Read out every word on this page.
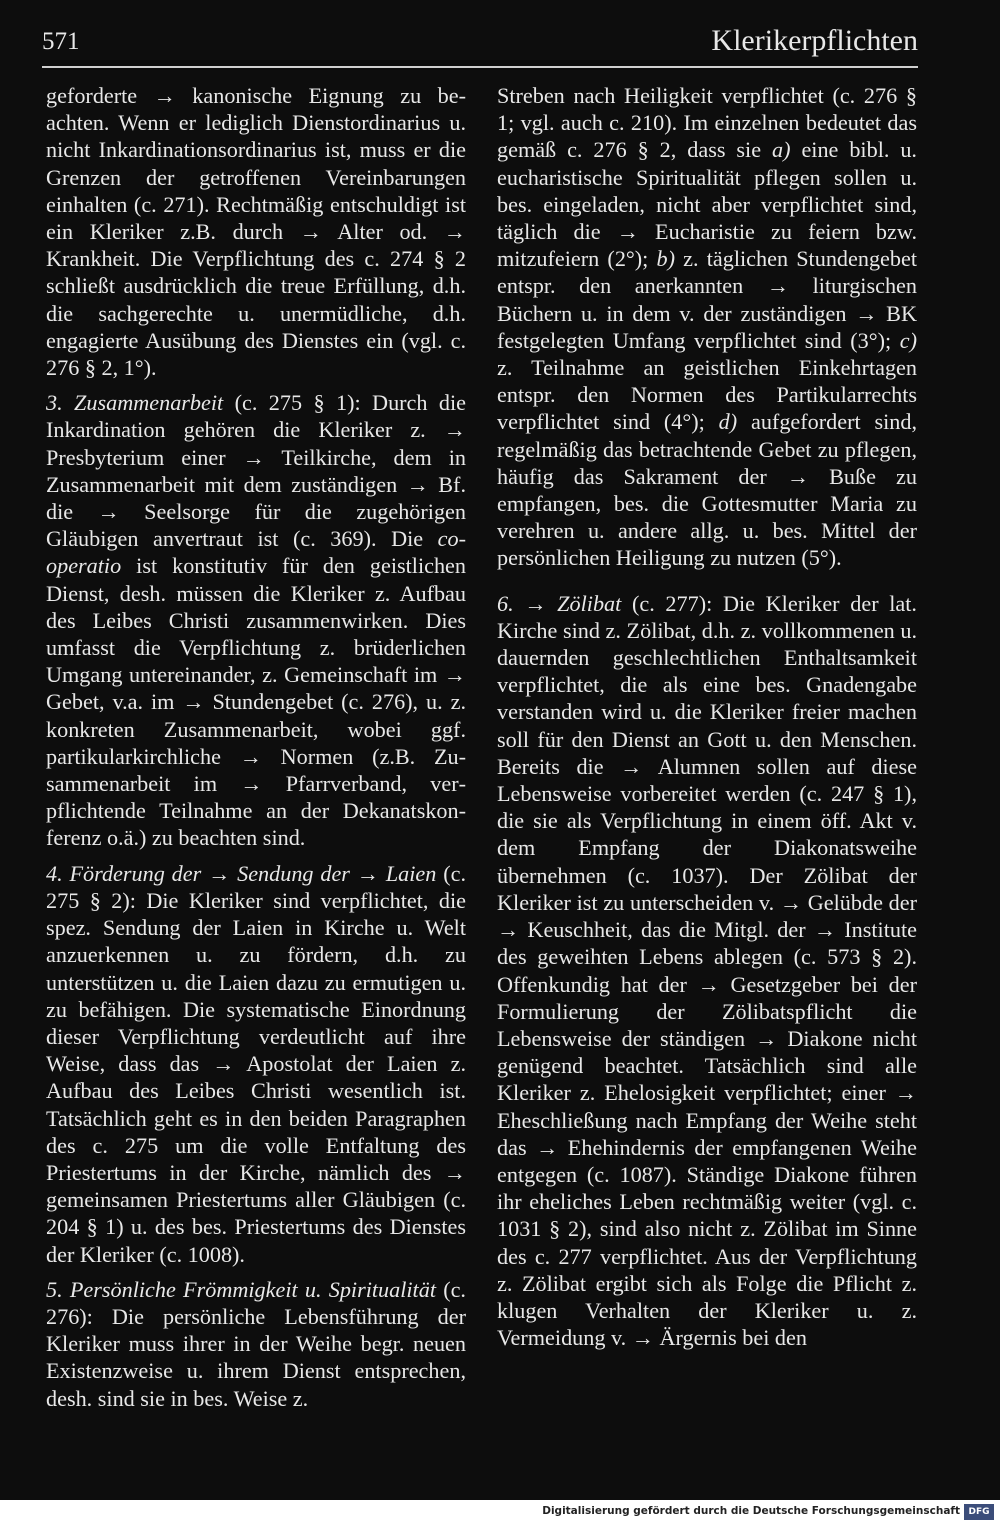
571	Klerikerpflichten

geforderte → kanonische Eignung zu beachten. Wenn er lediglich Dienstordinarius u. nicht Inkardinationsordinarius ist, muss er die Grenzen der getroffenen Vereinbarungen einhalten (c. 271). Rechtmäßig entschuldigt ist ein Kleriker z.B. durch → Alter od. → Krankheit. Die Verpflichtung des c. 274 § 2 schließt ausdrücklich die treue Erfüllung, d.h. die sachgerechte u. unermüdliche, d.h. engagierte Ausübung des Dienstes ein (vgl. c. 276 § 2, 1°).

3. Zusammenarbeit (c. 275 § 1): Durch die Inkardination gehören die Kleriker z. → Presbyterium einer → Teilkirche, dem in Zusammenarbeit mit dem zuständigen → Bf. die → Seelsorge für die zugehörigen Gläubigen anvertraut ist (c. 369). Die cooperatio ist konstitutiv für den geistlichen Dienst, desh. müssen die Kleriker z. Aufbau des Leibes Christi zusammenwirken. Dies umfasst die Verpflichtung z. brüderlichen Umgang untereinander, z. Gemeinschaft im → Gebet, v.a. im → Stundengebet (c. 276), u. z. konkreten Zusammenarbeit, wobei ggf. partikularkirchliche → Normen (z.B. Zusammenarbeit im → Pfarrverband, verpflichtende Teilnahme an der Dekanatskonferenz o.ä.) zu beachten sind.

4. Förderung der → Sendung der → Laien (c. 275 § 2): Die Kleriker sind verpflichtet, die spez. Sendung der Laien in Kirche u. Welt anzuerkennen u. zu fördern, d.h. zu unterstützen u. die Laien dazu zu ermutigen u. zu befähigen. Die systematische Einordnung dieser Verpflichtung verdeutlicht auf ihre Weise, dass das → Apostolat der Laien z. Aufbau des Leibes Christi wesentlich ist. Tatsächlich geht es in den beiden Paragraphen des c. 275 um die volle Entfaltung des Priestertums in der Kirche, nämlich des → gemeinsamen Priestertums aller Gläubigen (c. 204 § 1) u. des bes. Priestertums des Dienstes der Kleriker (c. 1008).

5. Persönliche Frömmigkeit u. Spiritualität (c. 276): Die persönliche Lebensführung der Kleriker muss ihrer in der Weihe begr. neuen Existenzweise u. ihrem Dienst entsprechen, desh. sind sie in bes. Weise z.

Streben nach Heiligkeit verpflichtet (c. 276 § 1; vgl. auch c. 210). Im einzelnen bedeutet das gemäß c. 276 § 2, dass sie a) eine bibl. u. eucharistische Spiritualität pflegen sollen u. bes. eingeladen, nicht aber verpflichtet sind, täglich die → Eucharistie zu feiern bzw. mitzufeiern (2°); b) z. täglichen Stundengebet entspr. den anerkannten → liturgischen Büchern u. in dem v. der zuständigen → BK festgelegten Umfang verpflichtet sind (3°); c) z. Teilnahme an geistlichen Einkehrtagen entspr. den Normen des Partikularrechts verpflichtet sind (4°); d) aufgefordert sind, regelmäßig das betrachtende Gebet zu pflegen, häufig das Sakrament der → Buße zu empfangen, bes. die Gottesmutter Maria zu verehren u. andere allg. u. bes. Mittel der persönlichen Heiligung zu nutzen (5°).

6. → Zölibat (c. 277): Die Kleriker der lat. Kirche sind z. Zölibat, d.h. z. vollkommenen u. dauernden geschlechtlichen Enthaltsamkeit verpflichtet, die als eine bes. Gnadengabe verstanden wird u. die Kleriker freier machen soll für den Dienst an Gott u. den Menschen. Bereits die → Alumnen sollen auf diese Lebensweise vorbereitet werden (c. 247 § 1), die sie als Verpflichtung in einem öff. Akt v. dem Empfang der Diakonatsweihe übernehmen (c. 1037). Der Zölibat der Kleriker ist zu unterscheiden v. → Gelübde der → Keuschheit, das die Mitgl. der → Institute des geweihten Lebens ablegen (c. 573 § 2). Offenkundig hat der → Gesetzgeber bei der Formulierung der Zölibatspflicht die Lebensweise der ständigen → Diakone nicht genügend beachtet. Tatsächlich sind alle Kleriker z. Ehelosigkeit verpflichtet; einer → Eheschließung nach Empfang der Weihe steht das → Ehehindernis der empfangenen Weihe entgegen (c. 1087). Ständige Diakone führen ihr eheliches Leben rechtmäßig weiter (vgl. c. 1031 § 2), sind also nicht z. Zölibat im Sinne des c. 277 verpflichtet. Aus der Verpflichtung z. Zölibat ergibt sich als Folge die Pflicht z. klugen Verhalten der Kleriker u. z. Vermeidung v. → Ärgernis bei den

Digitalisierung gefördert durch die Deutsche Forschungsgemeinschaft DFG
